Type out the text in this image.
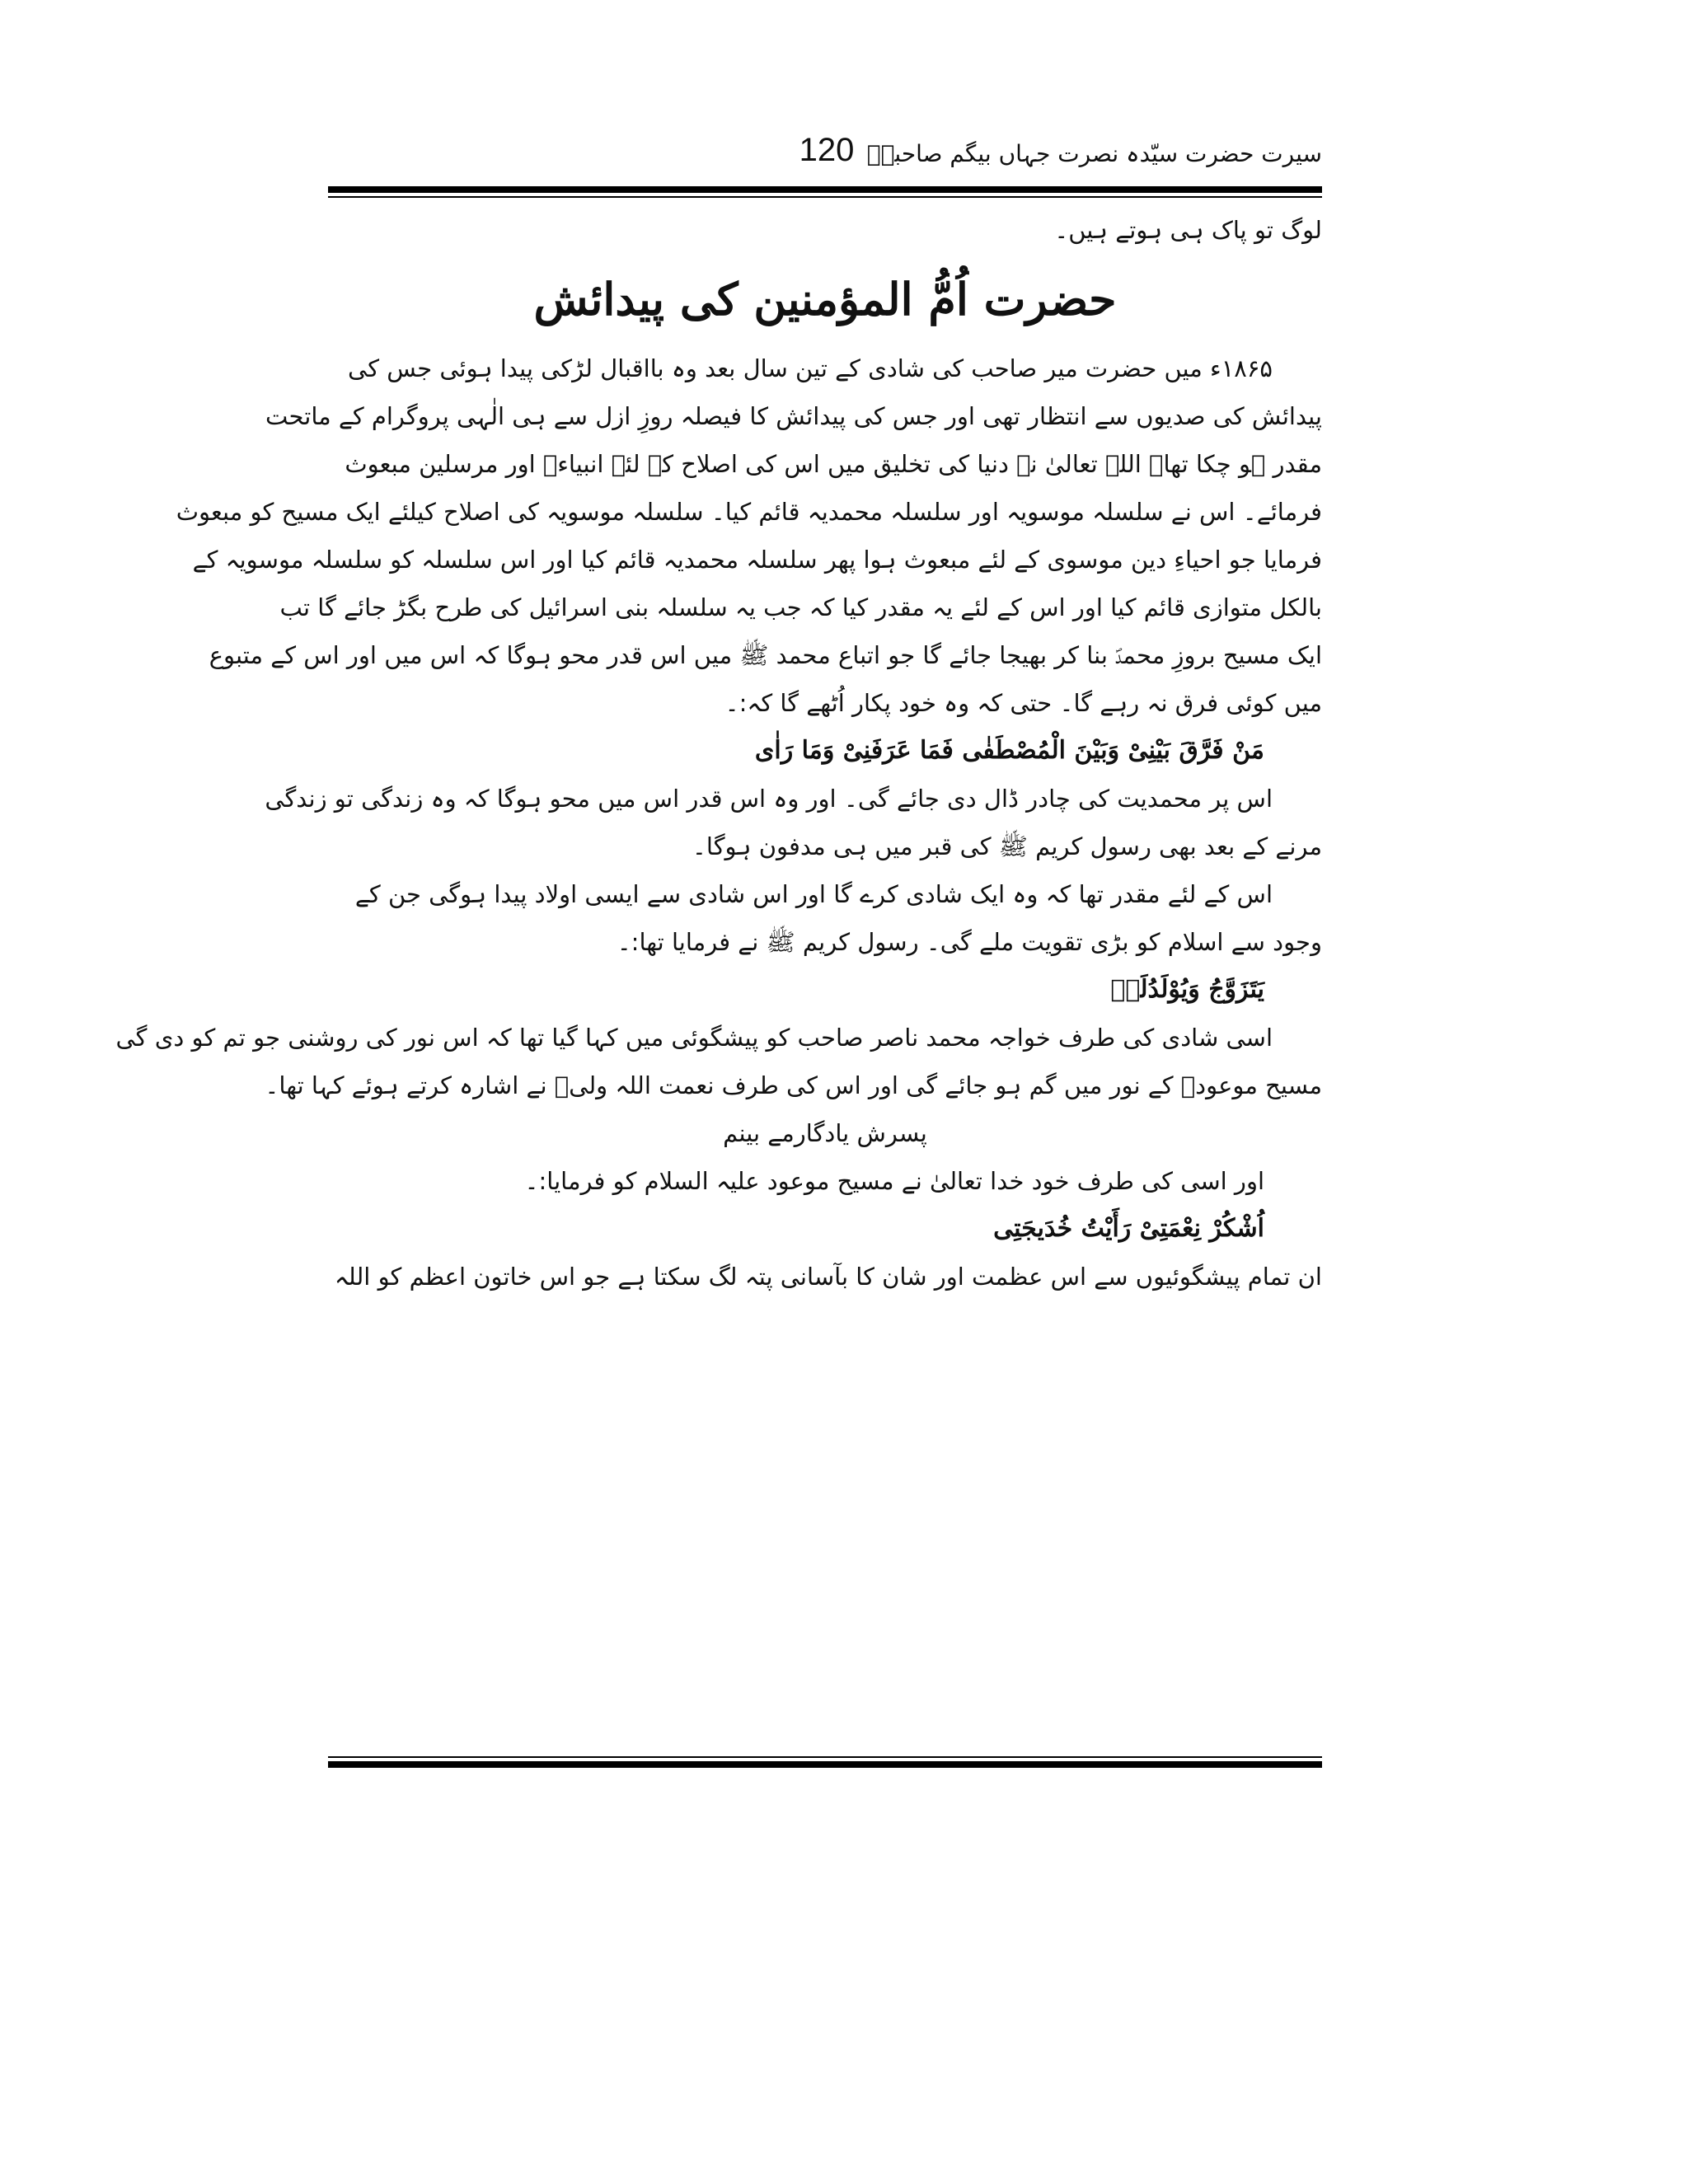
سیرت حضرت سیّدہ نصرت جہاں بیگم صاحبہؓ
120
لوگ تو پاک ہی ہوتے ہیں۔
حضرت اُمُّ المؤمنین کی پیدائش
۱۸۶۵ء میں حضرت میر صاحب کی شادی کے تین سال بعد وہ بااقبال لڑکی پیدا ہوئی جس کی
پیدائش کی صدیوں سے انتظار تھی اور جس کی پیدائش کا فیصلہ روزِ ازل سے ہی الٰہی پروگرام کے ماتحت
مقدر ہو چکا تھا۔ اللہ تعالیٰ نے دنیا کی تخلیق میں اس کی اصلاح کے لئے انبیاءؑ اور مرسلین مبعوث
فرمائے۔ اس نے سلسلہ موسویہ اور سلسلہ محمدیہ قائم کیا۔ سلسلہ موسویہ کی اصلاح کیلئے ایک مسیح کو مبعوث
فرمایا جو احیاءِ دین موسوی کے لئے مبعوث ہوا پھر سلسلہ محمدیہ قائم کیا اور اس سلسلہ کو سلسلہ موسویہ کے
بالکل متوازی قائم کیا اور اس کے لئے یہ مقدر کیا کہ جب یہ سلسلہ بنی اسرائیل کی طرح بگڑ جائے گا تب
ایک مسیح بروزِ محمدؐ بنا کر بھیجا جائے گا جو اتباع محمد ﷺ میں اس قدر محو ہوگا کہ اس میں اور اس کے متبوع
میں کوئی فرق نہ رہے گا۔ حتی کہ وہ خود پکار اُٹھے گا کہ:۔
مَنْ فَرَّقَ بَیْنِیْ وَبَیْنَ الْمُصْطَفٰی فَمَا عَرَفَنِیْ وَمَا رَاٰی
اس پر محمدیت کی چادر ڈال دی جائے گی۔ اور وہ اس قدر اس میں محو ہوگا کہ وہ زندگی تو زندگی
مرنے کے بعد بھی رسول کریم ﷺ کی قبر میں ہی مدفون ہوگا۔
اس کے لئے مقدر تھا کہ وہ ایک شادی کرے گا اور اس شادی سے ایسی اولاد پیدا ہوگی جن کے
وجود سے اسلام کو بڑی تقویت ملے گی۔ رسول کریم ﷺ نے فرمایا تھا:۔
یَتَزَوَّجُ وَیُوْلَدُلَہٗ
اسی شادی کی طرف خواجہ محمد ناصر صاحب کو پیشگوئی میں کہا گیا تھا کہ اس نور کی روشنی جو تم کو دی گی
مسیح موعودؑ کے نور میں گم ہو جائے گی اور اس کی طرف نعمت اللہ ولیؒ نے اشارہ کرتے ہوئے کہا تھا۔
پسرش یادگارمے بینم
اور اسی کی طرف خود خدا تعالیٰ نے مسیح موعود علیہ السلام کو فرمایا:۔
اُشْکُرْ نِعْمَتِیْ رَأَیْتُ خُدَیجَتِی
ان تمام پیشگوئیوں سے اس عظمت اور شان کا بآسانی پتہ لگ سکتا ہے جو اس خاتون اعظم کو اللہ
